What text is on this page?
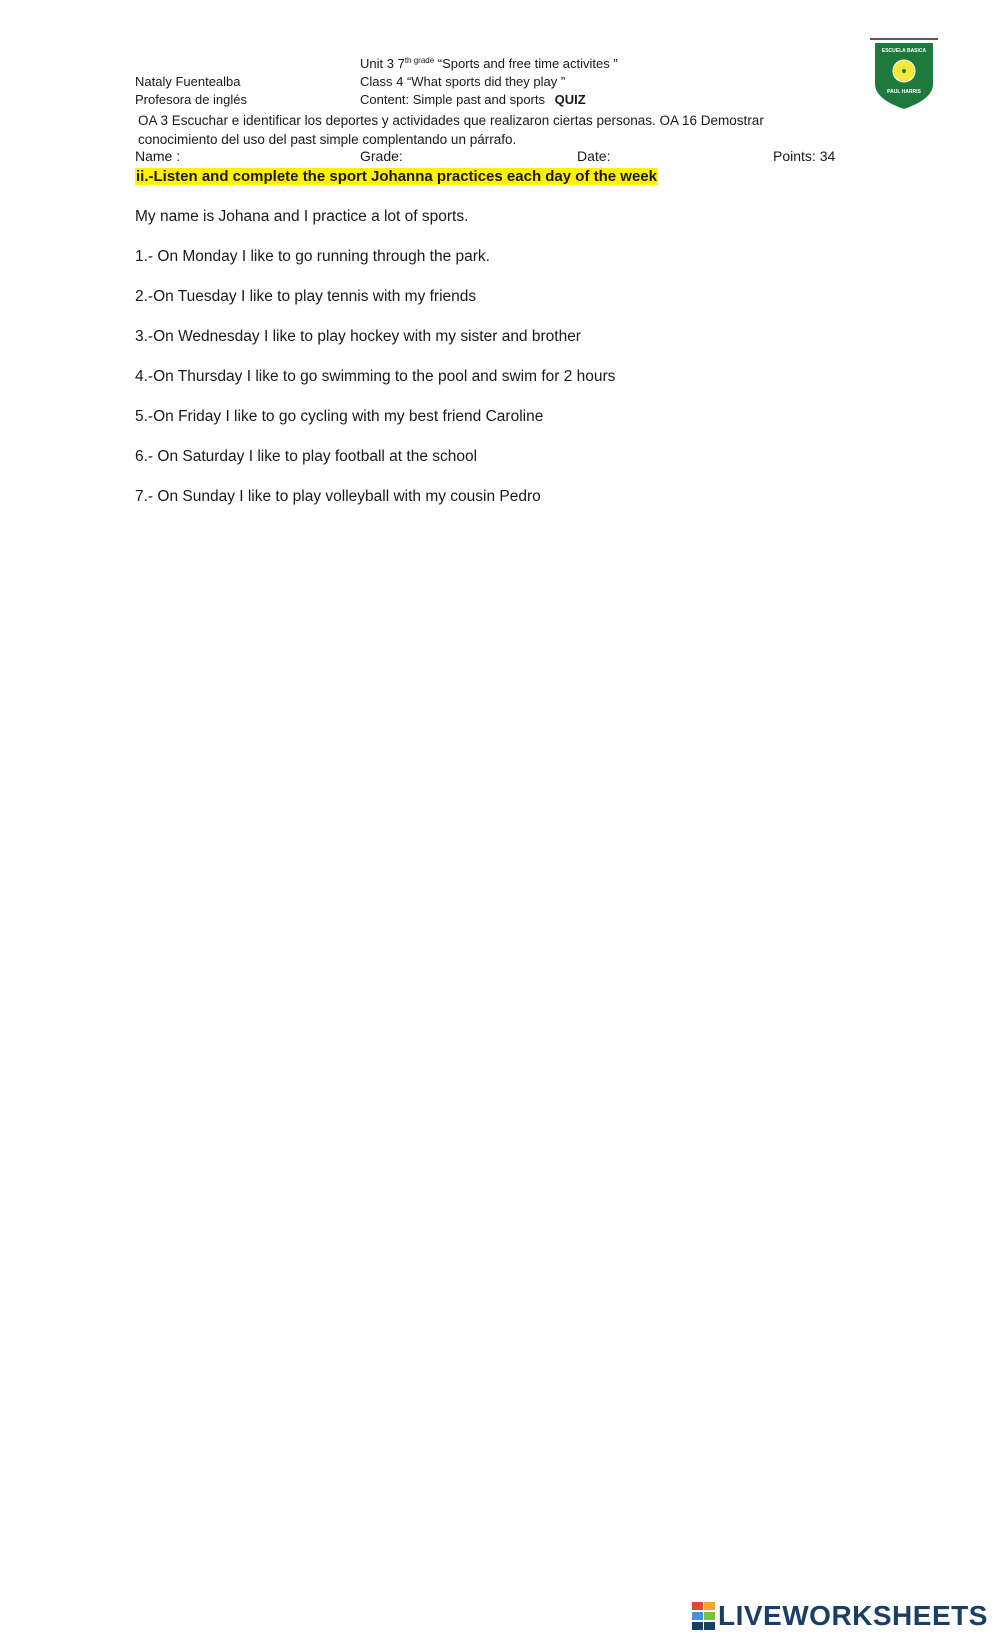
Unit 3 $7^{th grade}$ “Sports and free time activites ”
Nataly Fuentealba	Class 4 “What sports did they play ”
Profesora de inglés	Content: Simple past and sports QUIZ
OA 3 Escuchar e identificar los deportes y actividades que realizaron ciertas personas. OA 16 Demostrar conocimiento del uso del past simple complentando un párrafo.
Name :	Grade:	Date:	Points: 34
ESCUELA BASICA
PAUL HARRIS
ii.-Listen and complete the sport Johanna practices each day of the week
My name is Johana and I practice a lot of sports.
1.- On Monday I like to go running through the park.
2.-On Tuesday I like to play tennis with my friends
3.-On Wednesday I like to play hockey with my sister and brother
4.-On Thursday I like to go swimming to the pool and swim for 2 hours
5.-On Friday I like to go cycling with my best friend Caroline
6.- On Saturday I like to play football at the school
7.- On Sunday I like to play volleyball with my cousin Pedro
LIVEWORKSHEETS
